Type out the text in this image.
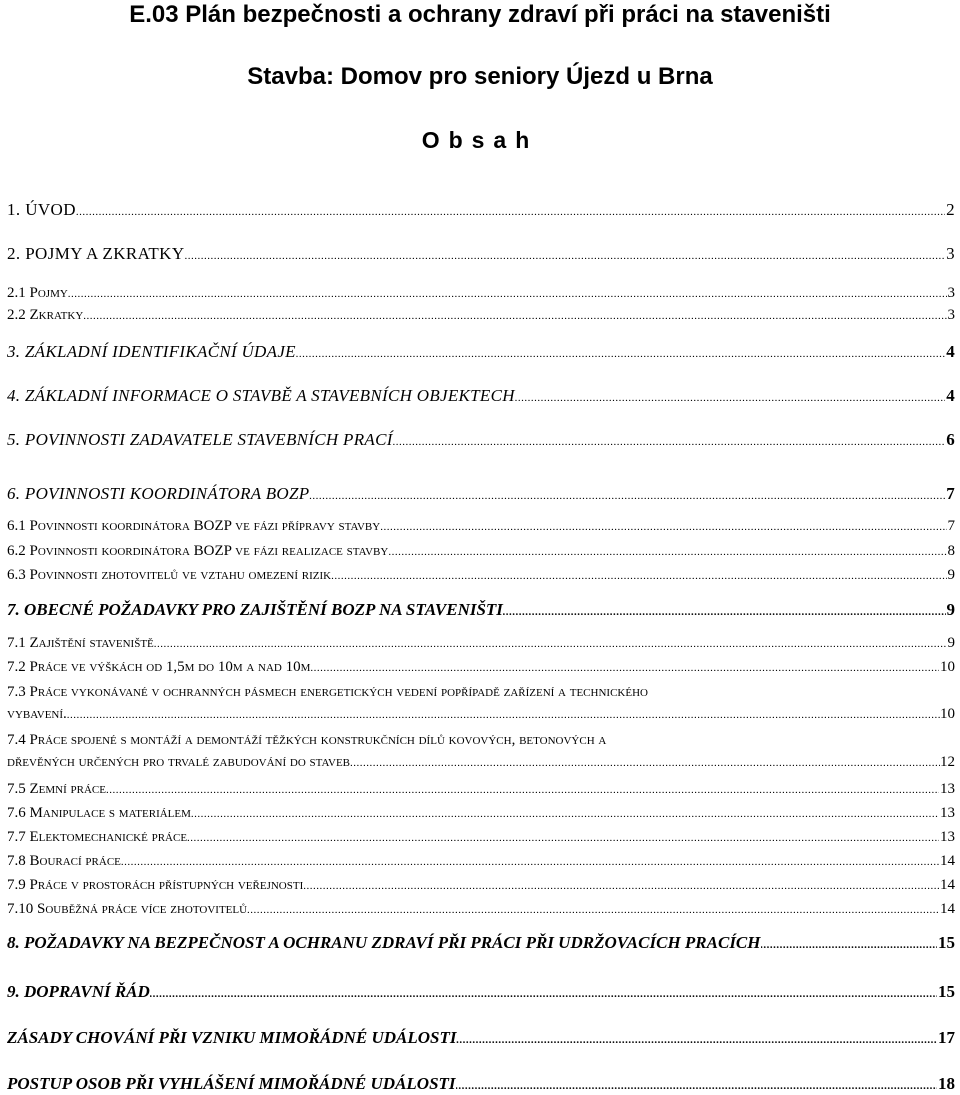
E.03 Plán bezpečnosti a ochrany zdraví při práci na staveništi
Stavba: Domov pro seniory Újezd u Brna
Obsah
1. ÚVOD .....	2
2. POJMY A ZKRATKY .....	3
2.1 Pojmy .....	3
2.2 Zkratky .....	3
3. ZÁKLADNÍ IDENTIFIKAČNÍ ÚDAJE .....	4
4. ZÁKLADNÍ INFORMACE O STAVBĚ A STAVEBNÍCH OBJEKTECH .....	4
5. POVINNOSTI ZADAVATELE STAVEBNÍCH PRACÍ .....	6
6. POVINNOSTI KOORDINÁTORA BOZP .....	7
6.1 Povinnosti koordinátora BOZP ve fázi přípravy stavby .....	7
6.2 Povinnosti koordinátora BOZP ve fázi realizace stavby .....	8
6.3 Povinnosti zhotovitelů ve vztahu omezení rizik .....	9
7. OBECNÉ POŽADAVKY PRO ZAJIŠTĚNÍ BOZP NA STAVENIŠTI .....	9
7.1 Zajištění staveniště .....	9
7.2 Práce ve výškách od 1,5m do 10m a nad 10m .....	10
7.3 Práce vykonávané v ochranných pásmech energetických vedení popřípadě zařízení a technického
vybavení. .....	10
7.4 Práce spojené s montáží a demontáží těžkých konstrukčních dílů kovových, betonových a
dřevěných určených pro trvalé zabudování do staveb .....	12
7.5 Zemní práce .....	13
7.6 Manipulace s materiálem .....	13
7.7 Elektomechanické práce .....	13
7.8 Bourací práce .....	14
7.9 Práce v prostorách přístupných veřejnosti .....	14
7.10 Souběžná práce více zhotovitelů .....	14
8. POŽADAVKY NA BEZPEČNOST A OCHRANU ZDRAVÍ PŘI PRÁCI PŘI UDRŽOVACÍCH PRACÍCH .....	15
9. DOPRAVNÍ ŘÁD .....	15
ZÁSADY CHOVÁNÍ PŘI VZNIKU MIMOŘÁDNÉ UDÁLOSTI .....	17
POSTUP OSOB PŘI VYHLÁŠENÍ MIMOŘÁDNÉ UDÁLOSTI .....	18
